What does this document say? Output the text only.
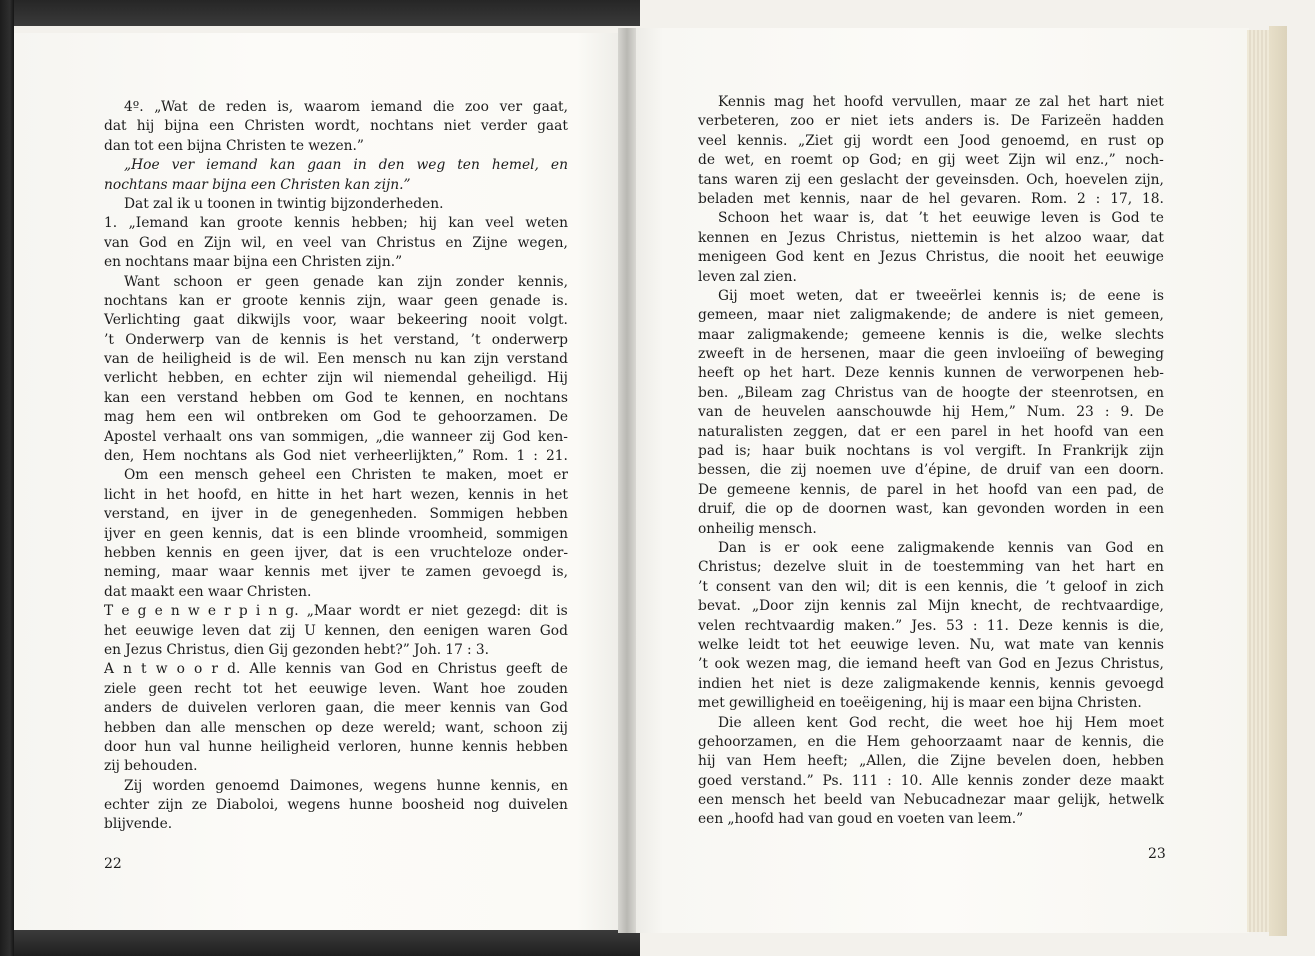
4º. „Wat de reden is, waarom iemand die zoo ver gaat,
dat hij bijna een Christen wordt, nochtans niet verder gaat
dan tot een bijna Christen te wezen.”
„Hoe ver iemand kan gaan in den weg ten hemel, en
nochtans maar bijna een Christen kan zijn.”
Dat zal ik u toonen in twintig bijzonderheden.
1. „Iemand kan groote kennis hebben; hij kan veel weten
van God en Zijn wil, en veel van Christus en Zijne wegen,
en nochtans maar bijna een Christen zijn.”
Want schoon er geen genade kan zijn zonder kennis,
nochtans kan er groote kennis zijn, waar geen genade is.
Verlichting gaat dikwijls voor, waar bekeering nooit volgt.
’t Onderwerp van de kennis is het verstand, ’t onderwerp
van de heiligheid is de wil. Een mensch nu kan zijn verstand
verlicht hebben, en echter zijn wil niemendal geheiligd. Hij
kan een verstand hebben om God te kennen, en nochtans
mag hem een wil ontbreken om God te gehoorzamen. De
Apostel verhaalt ons van sommigen, „die wanneer zij God ken-
den, Hem nochtans als God niet verheerlijkten,” Rom. 1 : 21.
Om een mensch geheel een Christen te maken, moet er
licht in het hoofd, en hitte in het hart wezen, kennis in het
verstand, en ijver in de genegenheden. Sommigen hebben
ijver en geen kennis, dat is een blinde vroomheid, sommigen
hebben kennis en geen ijver, dat is een vruchteloze onder-
neming, maar waar kennis met ijver te zamen gevoegd is,
dat maakt een waar Christen.
T e g e n w e r p i n g. „Maar wordt er niet gezegd: dit is
het eeuwige leven dat zij U kennen, den eenigen waren God
en Jezus Christus, dien Gij gezonden hebt?” Joh. 17 : 3.
A n t w o o r d. Alle kennis van God en Christus geeft de
ziele geen recht tot het eeuwige leven. Want hoe zouden
anders de duivelen verloren gaan, die meer kennis van God
hebben dan alle menschen op deze wereld; want, schoon zij
door hun val hunne heiligheid verloren, hunne kennis hebben
zij behouden.
Zij worden genoemd Daimones, wegens hunne kennis, en
echter zijn ze Diaboloi, wegens hunne boosheid nog duivelen
blijvende.
22
Kennis mag het hoofd vervullen, maar ze zal het hart niet
verbeteren, zoo er niet iets anders is. De Farizeën hadden
veel kennis. „Ziet gij wordt een Jood genoemd, en rust op
de wet, en roemt op God; en gij weet Zijn wil enz.,” noch-
tans waren zij een geslacht der geveinsden. Och, hoevelen zijn,
beladen met kennis, naar de hel gevaren. Rom. 2 : 17, 18.
Schoon het waar is, dat ’t het eeuwige leven is God te
kennen en Jezus Christus, niettemin is het alzoo waar, dat
menigeen God kent en Jezus Christus, die nooit het eeuwige
leven zal zien.
Gij moet weten, dat er tweeërlei kennis is; de eene is
gemeen, maar niet zaligmakende; de andere is niet gemeen,
maar zaligmakende; gemeene kennis is die, welke slechts
zweeft in de hersenen, maar die geen invloeiïng of beweging
heeft op het hart. Deze kennis kunnen de verworpenen heb-
ben. „Bileam zag Christus van de hoogte der steenrotsen, en
van de heuvelen aanschouwde hij Hem,” Num. 23 : 9. De
naturalisten zeggen, dat er een parel in het hoofd van een
pad is; haar buik nochtans is vol vergift. In Frankrijk zijn
bessen, die zij noemen uve d’épine, de druif van een doorn.
De gemeene kennis, de parel in het hoofd van een pad, de
druif, die op de doornen wast, kan gevonden worden in een
onheilig mensch.
Dan is er ook eene zaligmakende kennis van God en
Christus; dezelve sluit in de toestemming van het hart en
’t consent van den wil; dit is een kennis, die ’t geloof in zich
bevat. „Door zijn kennis zal Mijn knecht, de rechtvaardige,
velen rechtvaardig maken.” Jes. 53 : 11. Deze kennis is die,
welke leidt tot het eeuwige leven. Nu, wat mate van kennis
’t ook wezen mag, die iemand heeft van God en Jezus Christus,
indien het niet is deze zaligmakende kennis, kennis gevoegd
met gewilligheid en toeëigening, hij is maar een bijna Christen.
Die alleen kent God recht, die weet hoe hij Hem moet
gehoorzamen, en die Hem gehoorzaamt naar de kennis, die
hij van Hem heeft; „Allen, die Zijne bevelen doen, hebben
goed verstand.” Ps. 111 : 10. Alle kennis zonder deze maakt
een mensch het beeld van Nebucadnezar maar gelijk, hetwelk
een „hoofd had van goud en voeten van leem.”
23
